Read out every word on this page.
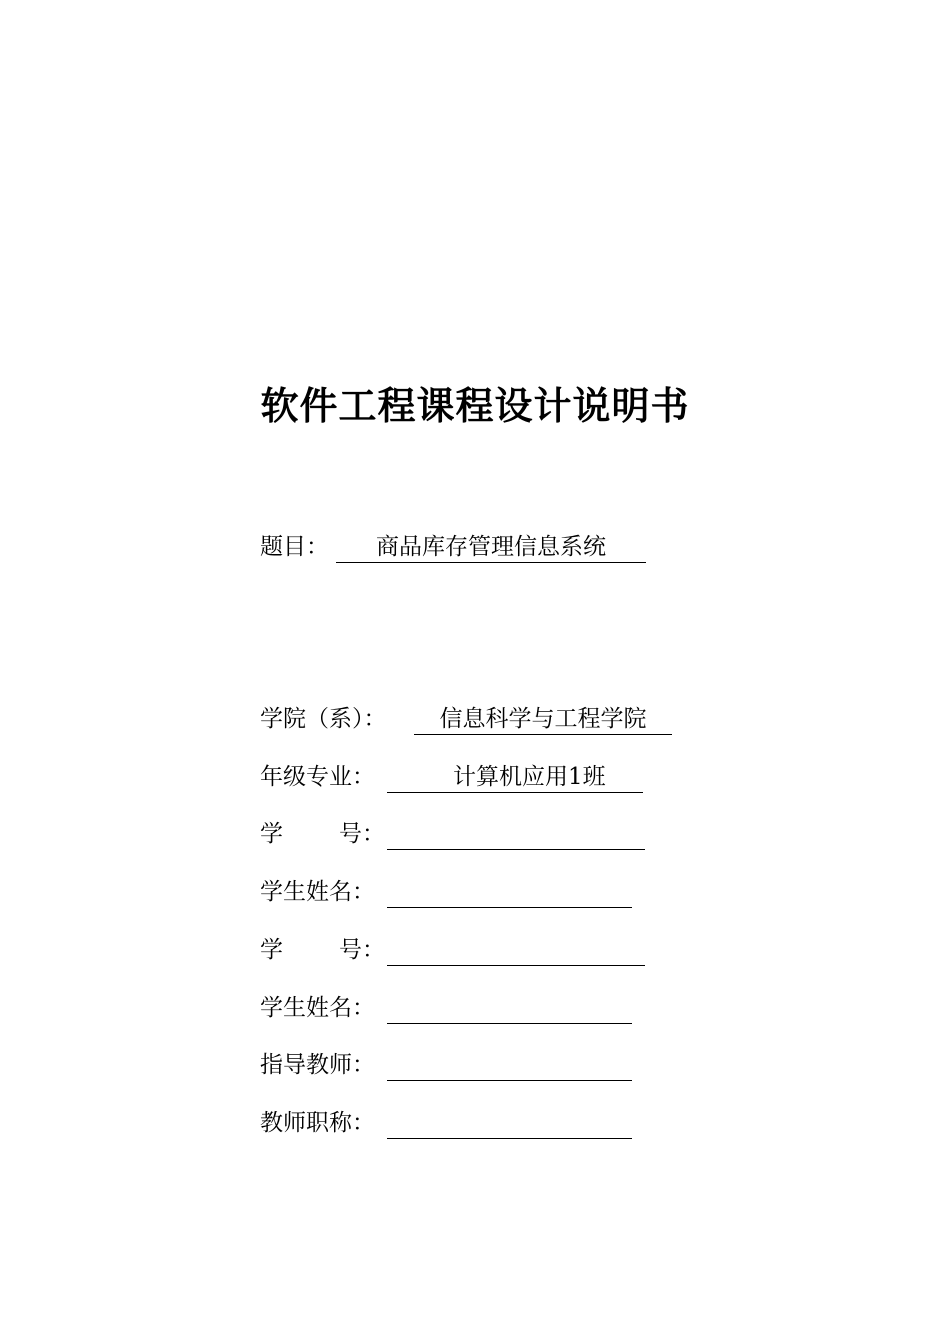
软件工程课程设计说明书
题目：	商品库存管理信息系统
学院（系）：	信息科学与工程学院
年级专业：	计算机应用1班
学 号：
学生姓名：
学 号：
学生姓名：
指导教师：
教师职称：
